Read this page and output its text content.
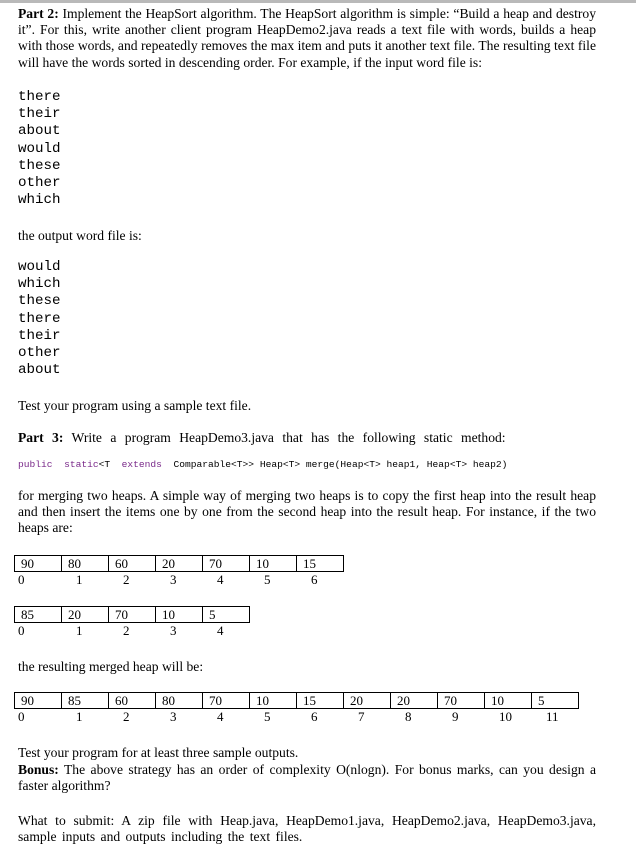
Part 2: Implement the HeapSort algorithm. The HeapSort algorithm is simple: “Build a heap and destroy it”. For this, write another client program HeapDemo2.java reads a text file with words, builds a heap with those words, and repeatedly removes the max item and puts it another text file. The resulting text file will have the words sorted in descending order. For example, if the input word file is:

there
their
about
would
these
other
which

the output word file is:

would
which
these
there
their
other
about

Test your program using a sample text file.

Part 3: Write a program HeapDemo3.java that has the following static method:

public static<T extends Comparable<T>> Heap<T> merge(Heap<T> heap1, Heap<T> heap2)

for merging two heaps. A simple way of merging two heaps is to copy the first heap into the result heap and then insert the items one by one from the second heap into the result heap. For instance, if the two heaps are:

90
0
80
1
60
2
20
3
70
4
10
5
15
6
85
0
20
1
70
2
10
3
5
4

the resulting merged heap will be:

90
0
85
1
60
2
80
3
70
4
10
5
15
6
20
7
20
8
70
9
10
10
5
11

Test your program for at least three sample outputs.

Bonus: The above strategy has an order of complexity O(nlogn). For bonus marks, can you design a faster algorithm?

What to submit: A zip file with Heap.java, HeapDemo1.java, HeapDemo2.java, HeapDemo3.java, sample inputs and outputs including the text files.
